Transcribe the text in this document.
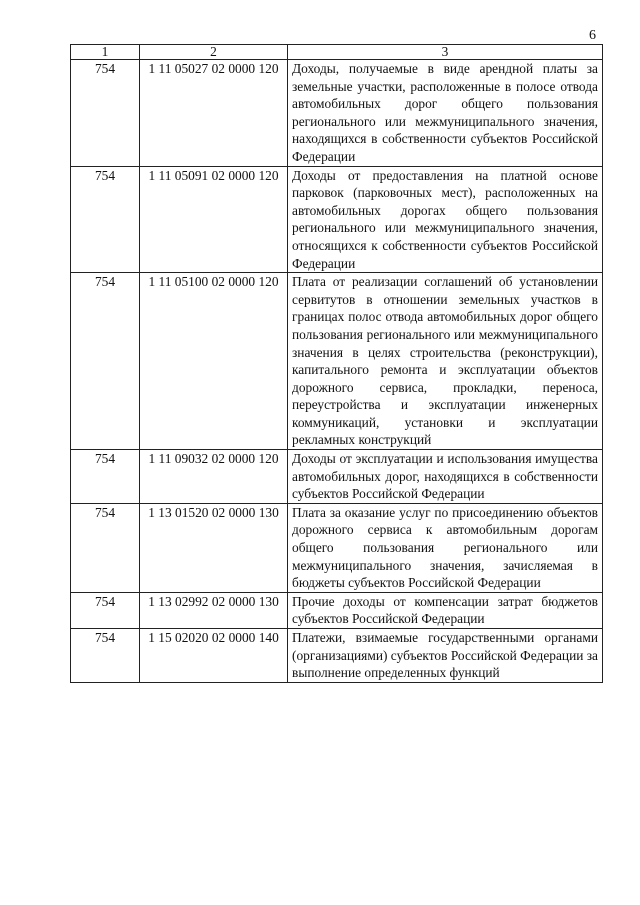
6
1	2	3
754	1 11 05027 02 0000 120	Доходы, получаемые в виде арендной платы за земельные участки, расположенные в полосе отвода автомобильных дорог общего пользования регионального или межмуниципального значения, находящихся в собственности субъектов Российской Федерации
754	1 11 05091 02 0000 120	Доходы от предоставления на платной основе парковок (парковочных мест), расположенных на автомобильных дорогах общего пользования регионального или межмуниципального значения, относящихся к собственности субъектов Российской Федерации
754	1 11 05100 02 0000 120	Плата от реализации соглашений об установлении сервитутов в отношении земельных участков в границах полос отвода автомобильных дорог общего пользования регионального или межмуниципального значения в целях строительства (реконструкции), капитального ремонта и эксплуатации объектов дорожного сервиса, прокладки, переноса, переустройства и эксплуатации инженерных коммуникаций, установки и эксплуатации рекламных конструкций
754	1 11 09032 02 0000 120	Доходы от эксплуатации и использования имущества автомобильных дорог, находящихся в собственности субъектов Российской Федерации
754	1 13 01520 02 0000 130	Плата за оказание услуг по присоединению объектов дорожного сервиса к автомобильным дорогам общего пользования регионального или межмуниципального значения, зачисляемая в бюджеты субъектов Российской Федерации
754	1 13 02992 02 0000 130	Прочие доходы от компенсации затрат бюджетов субъектов Российской Федерации
754	1 15 02020 02 0000 140	Платежи, взимаемые государственными органами (организациями) субъектов Российской Федерации за выполнение определенных функций
